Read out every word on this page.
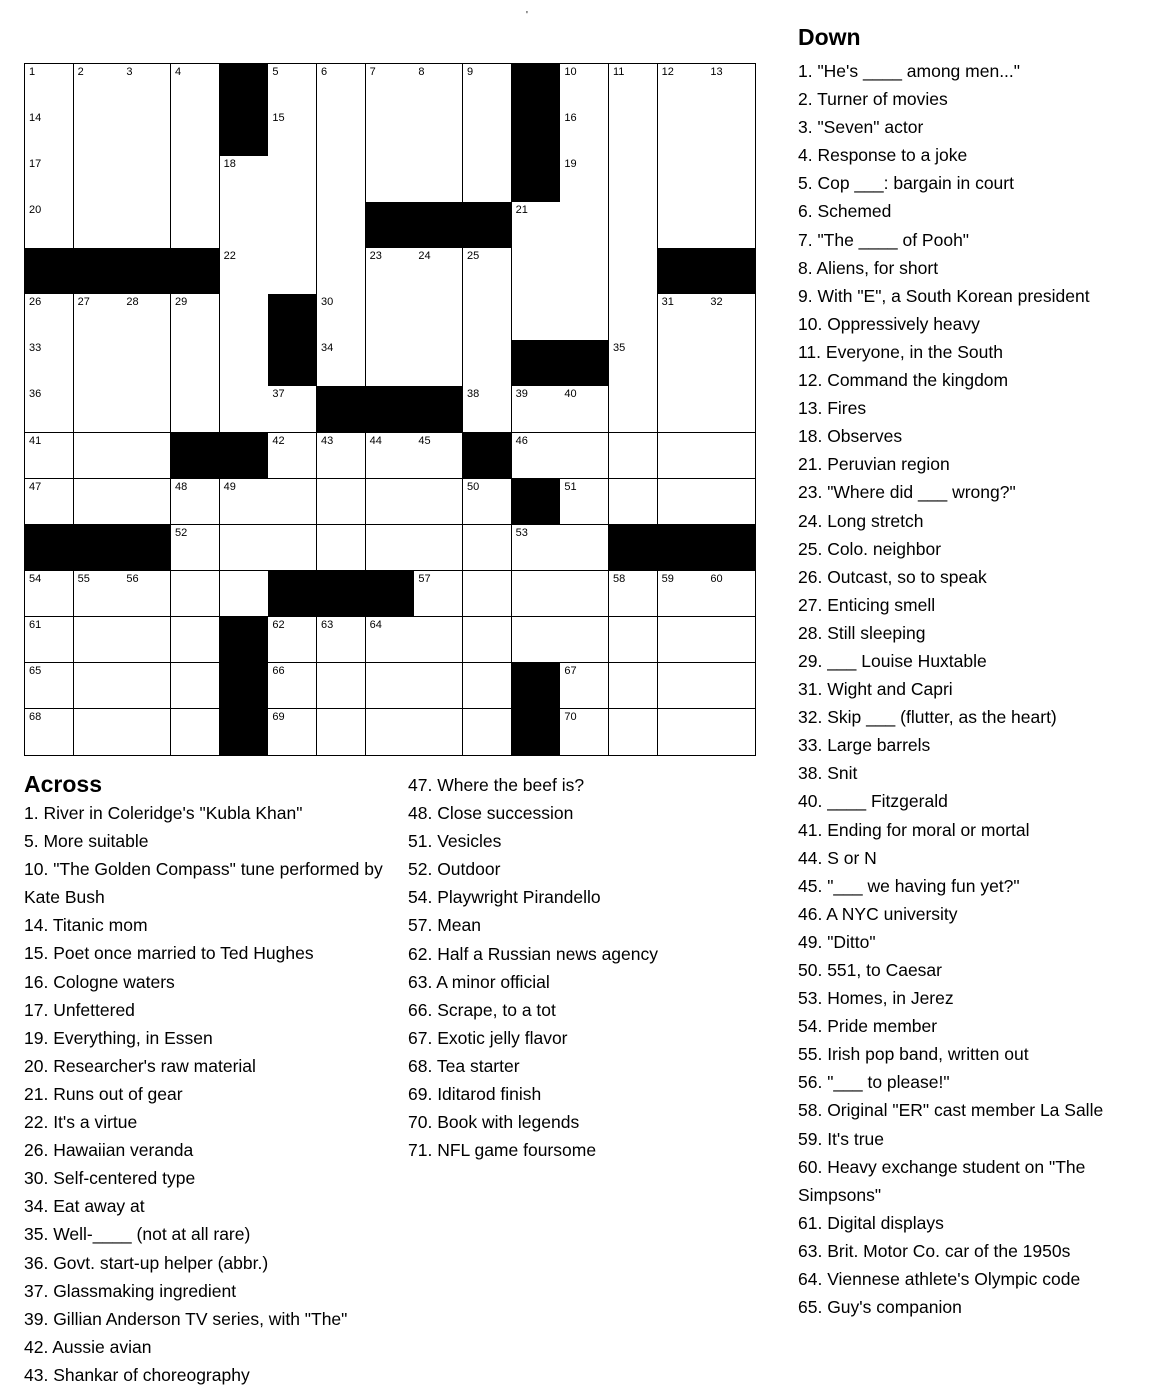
'
1	2	3	4	5	6	7	8	9	10	11	12	13
14	15	16
17	18	19
20	21
22	23	24	25
26	27	28	29	30	31	32
33	34	35
36	37	38	39	40
41	42	43	44	45	46
47	48	49	50	51
52	53
54	55	56	57	58	59	60
61	62	63	64
65	66	67
68	69	70
Across
1. River in Coleridge's "Kubla Khan"
5. More suitable
10. "The Golden Compass" tune performed by Kate Bush
14. Titanic mom
15. Poet once married to Ted Hughes
16. Cologne waters
17. Unfettered
19. Everything, in Essen
20. Researcher's raw material
21. Runs out of gear
22. It's a virtue
26. Hawaiian veranda
30. Self-centered type
34. Eat away at
35. Well-____ (not at all rare)
36. Govt. start-up helper (abbr.)
37. Glassmaking ingredient
39. Gillian Anderson TV series, with "The"
42. Aussie avian
43. Shankar of choreography
47. Where the beef is?
48. Close succession
51. Vesicles
52. Outdoor
54. Playwright Pirandello
57. Mean
62. Half a Russian news agency
63. A minor official
66. Scrape, to a tot
67. Exotic jelly flavor
68. Tea starter
69. Iditarod finish
70. Book with legends
71. NFL game foursome
Down
1. "He's ____ among men..."
2. Turner of movies
3. "Seven" actor
4. Response to a joke
5. Cop ___: bargain in court
6. Schemed
7. "The ____ of Pooh"
8. Aliens, for short
9. With "E", a South Korean president
10. Oppressively heavy
11. Everyone, in the South
12. Command the kingdom
13. Fires
18. Observes
21. Peruvian region
23. "Where did ___ wrong?"
24. Long stretch
25. Colo. neighbor
26. Outcast, so to speak
27. Enticing smell
28. Still sleeping
29. ___ Louise Huxtable
31. Wight and Capri
32. Skip ___ (flutter, as the heart)
33. Large barrels
38. Snit
40. ____ Fitzgerald
41. Ending for moral or mortal
44. S or N
45. "___ we having fun yet?"
46. A NYC university
49. "Ditto"
50. 551, to Caesar
53. Homes, in Jerez
54. Pride member
55. Irish pop band, written out
56. "___ to please!"
58. Original "ER" cast member La Salle
59. It's true
60. Heavy exchange student on "The Simpsons"
61. Digital displays
63. Brit. Motor Co. car of the 1950s
64. Viennese athlete's Olympic code
65. Guy's companion
